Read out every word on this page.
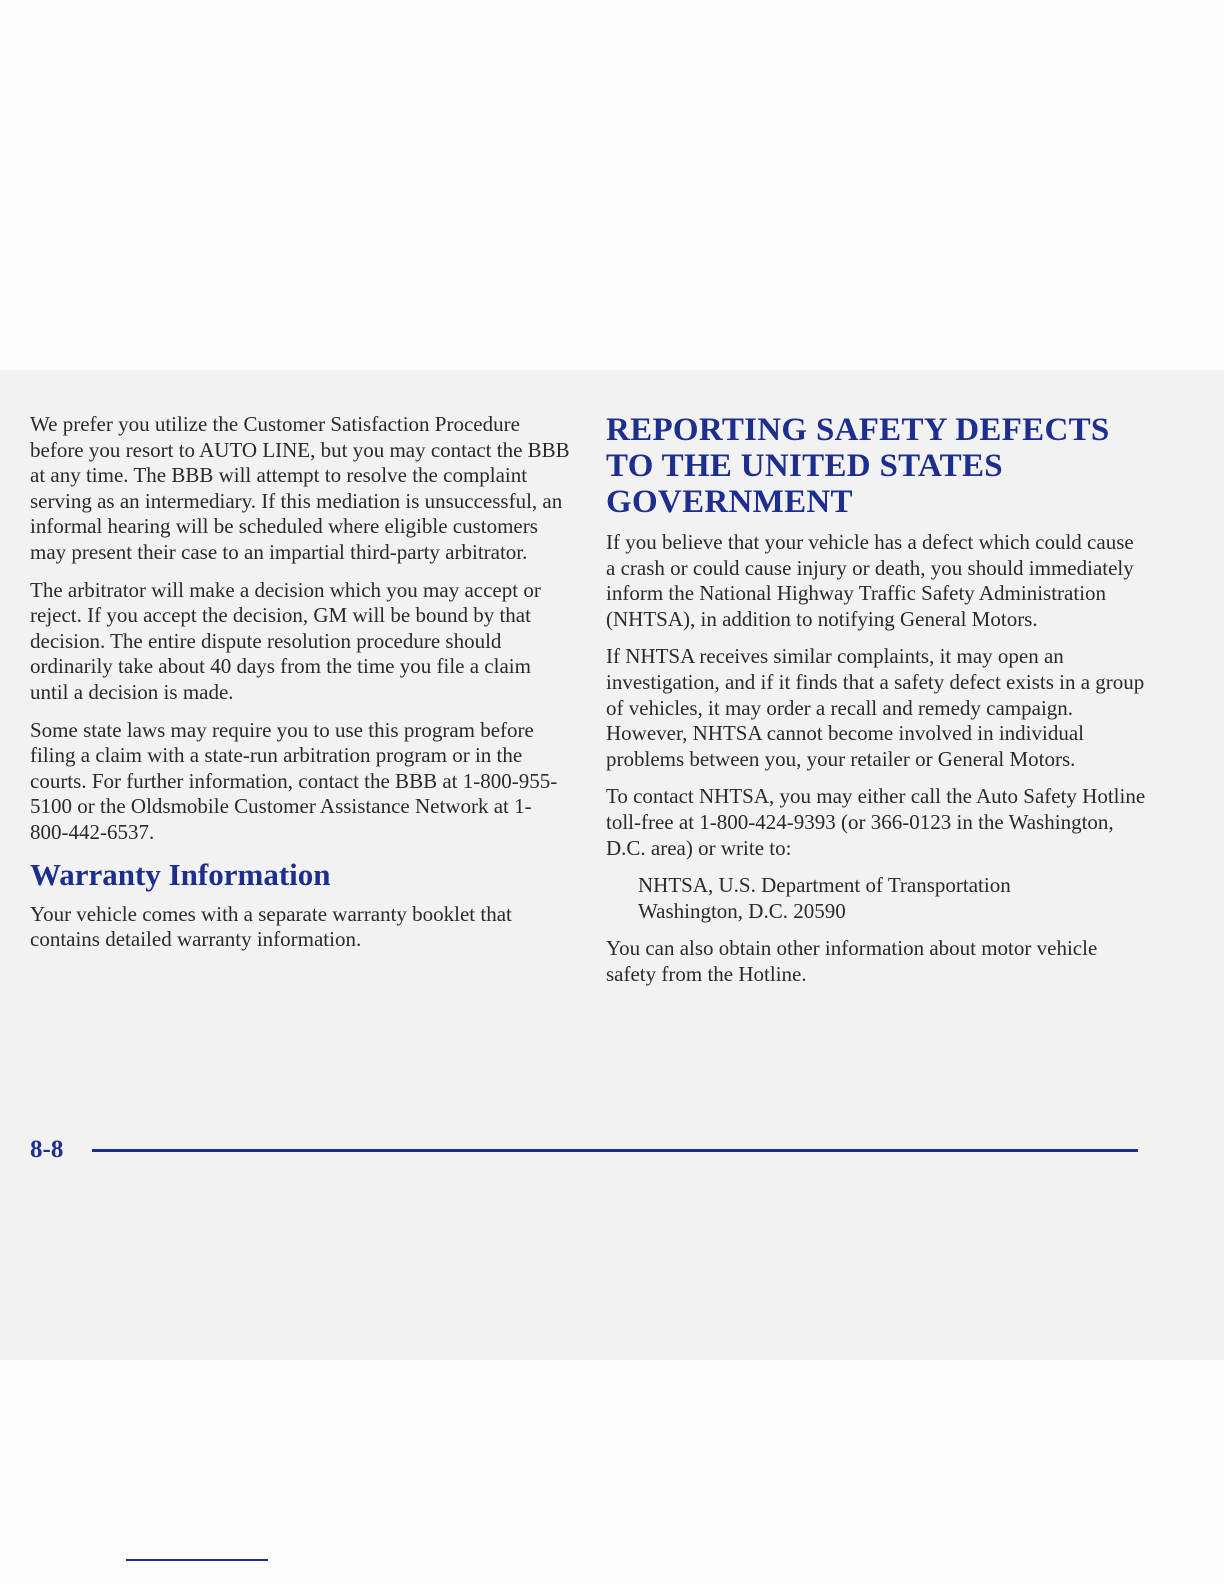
We prefer you utilize the Customer Satisfaction Procedure before you resort to AUTO LINE, but you may contact the BBB at any time. The BBB will attempt to resolve the complaint serving as an intermediary. If this mediation is unsuccessful, an informal hearing will be scheduled where eligible customers may present their case to an impartial third-party arbitrator.

The arbitrator will make a decision which you may accept or reject. If you accept the decision, GM will be bound by that decision. The entire dispute resolution procedure should ordinarily take about 40 days from the time you file a claim until a decision is made.

Some state laws may require you to use this program before filing a claim with a state-run arbitration program or in the courts. For further information, contact the BBB at 1-800-955-5100 or the Oldsmobile Customer Assistance Network at 1-800-442-6537.

Warranty Information

Your vehicle comes with a separate warranty booklet that contains detailed warranty information.

REPORTING SAFETY DEFECTS TO THE UNITED STATES GOVERNMENT

If you believe that your vehicle has a defect which could cause a crash or could cause injury or death, you should immediately inform the National Highway Traffic Safety Administration (NHTSA), in addition to notifying General Motors.

If NHTSA receives similar complaints, it may open an investigation, and if it finds that a safety defect exists in a group of vehicles, it may order a recall and remedy campaign. However, NHTSA cannot become involved in individual problems between you, your retailer or General Motors.

To contact NHTSA, you may either call the Auto Safety Hotline toll-free at 1-800-424-9393 (or 366-0123 in the Washington, D.C. area) or write to:

NHTSA, U.S. Department of Transportation
Washington, D.C. 20590

You can also obtain other information about motor vehicle safety from the Hotline.

8-8
